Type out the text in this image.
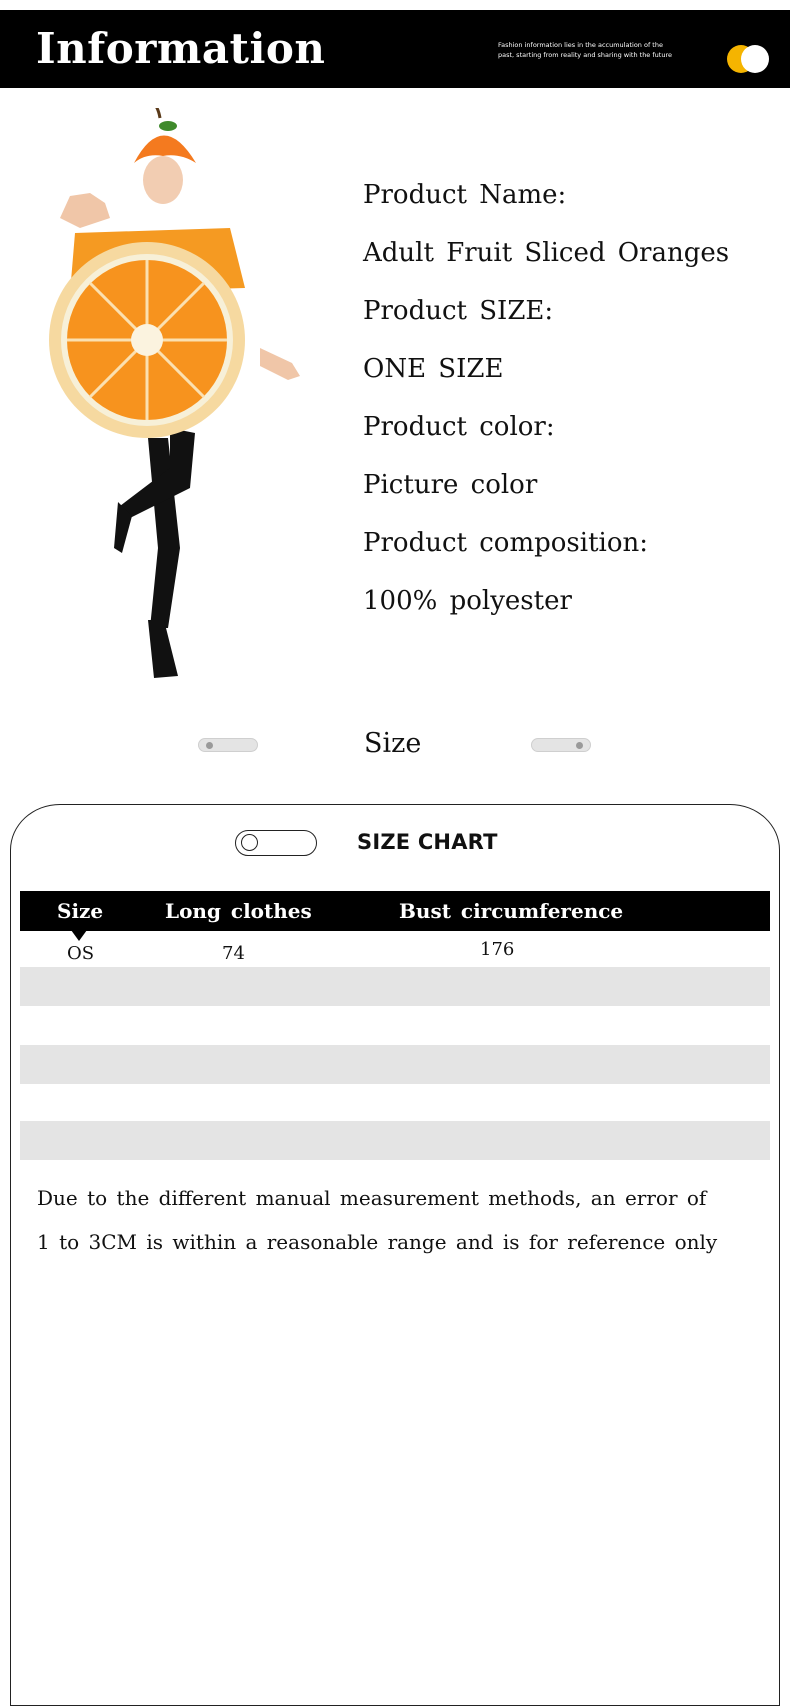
Information	Fashion information lies in the accumulation of the
past, starting from reality and sharing with the future
Product Name:
Adult Fruit Sliced Oranges
Product SIZE:
ONE SIZE
Product color:
Picture color
Product composition:
100% polyester
Size
SIZE CHART
Size	Long clothes	Bust circumference
OS	74	176
Due to the different manual measurement methods, an error of
1 to 3CM is within a reasonable range and is for reference only
